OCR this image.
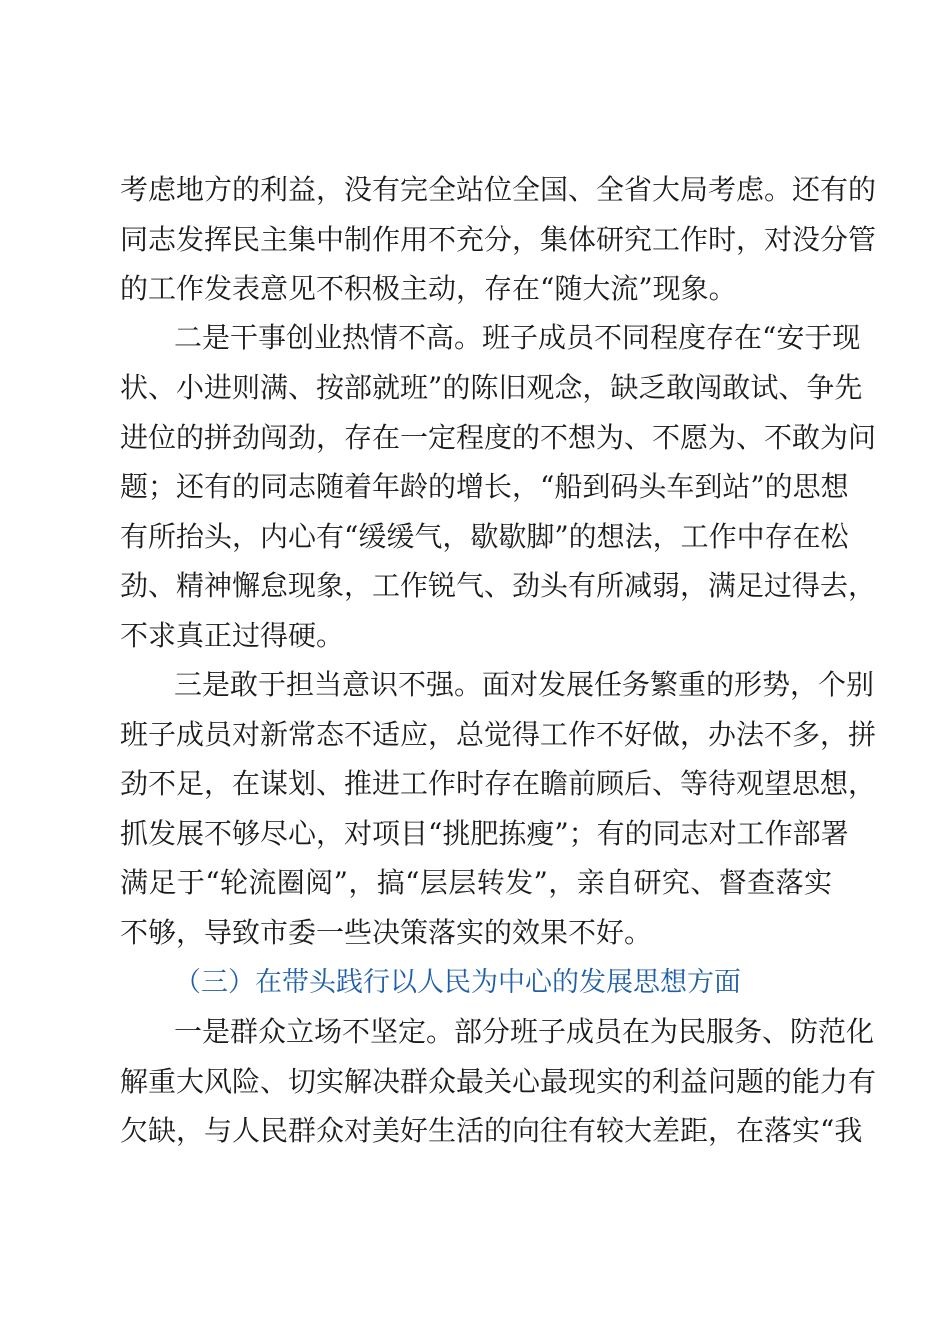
考虑地方的利益，没有完全站位全国、全省大局考虑。还有的
同志发挥民主集中制作用不充分，集体研究工作时，对没分管
的工作发表意见不积极主动，存在“随大流”现象。
二是干事创业热情不高。班子成员不同程度存在“安于现
状、小进则满、按部就班”的陈旧观念，缺乏敢闯敢试、争先
进位的拼劲闯劲，存在一定程度的不想为、不愿为、不敢为问
题；还有的同志随着年龄的增长，“船到码头车到站”的思想
有所抬头，内心有“缓缓气，歇歇脚”的想法，工作中存在松
劲、精神懈怠现象，工作锐气、劲头有所减弱，满足过得去，
不求真正过得硬。
三是敢于担当意识不强。面对发展任务繁重的形势，个别
班子成员对新常态不适应，总觉得工作不好做，办法不多，拼
劲不足，在谋划、推进工作时存在瞻前顾后、等待观望思想，
抓发展不够尽心，对项目“挑肥拣瘦”；有的同志对工作部署
满足于“轮流圈阅”，搞“层层转发”，亲自研究、督查落实
不够，导致市委一些决策落实的效果不好。
（三）在带头践行以人民为中心的发展思想方面
一是群众立场不坚定。部分班子成员在为民服务、防范化
解重大风险、切实解决群众最关心最现实的利益问题的能力有
欠缺，与人民群众对美好生活的向往有较大差距，在落实“我
